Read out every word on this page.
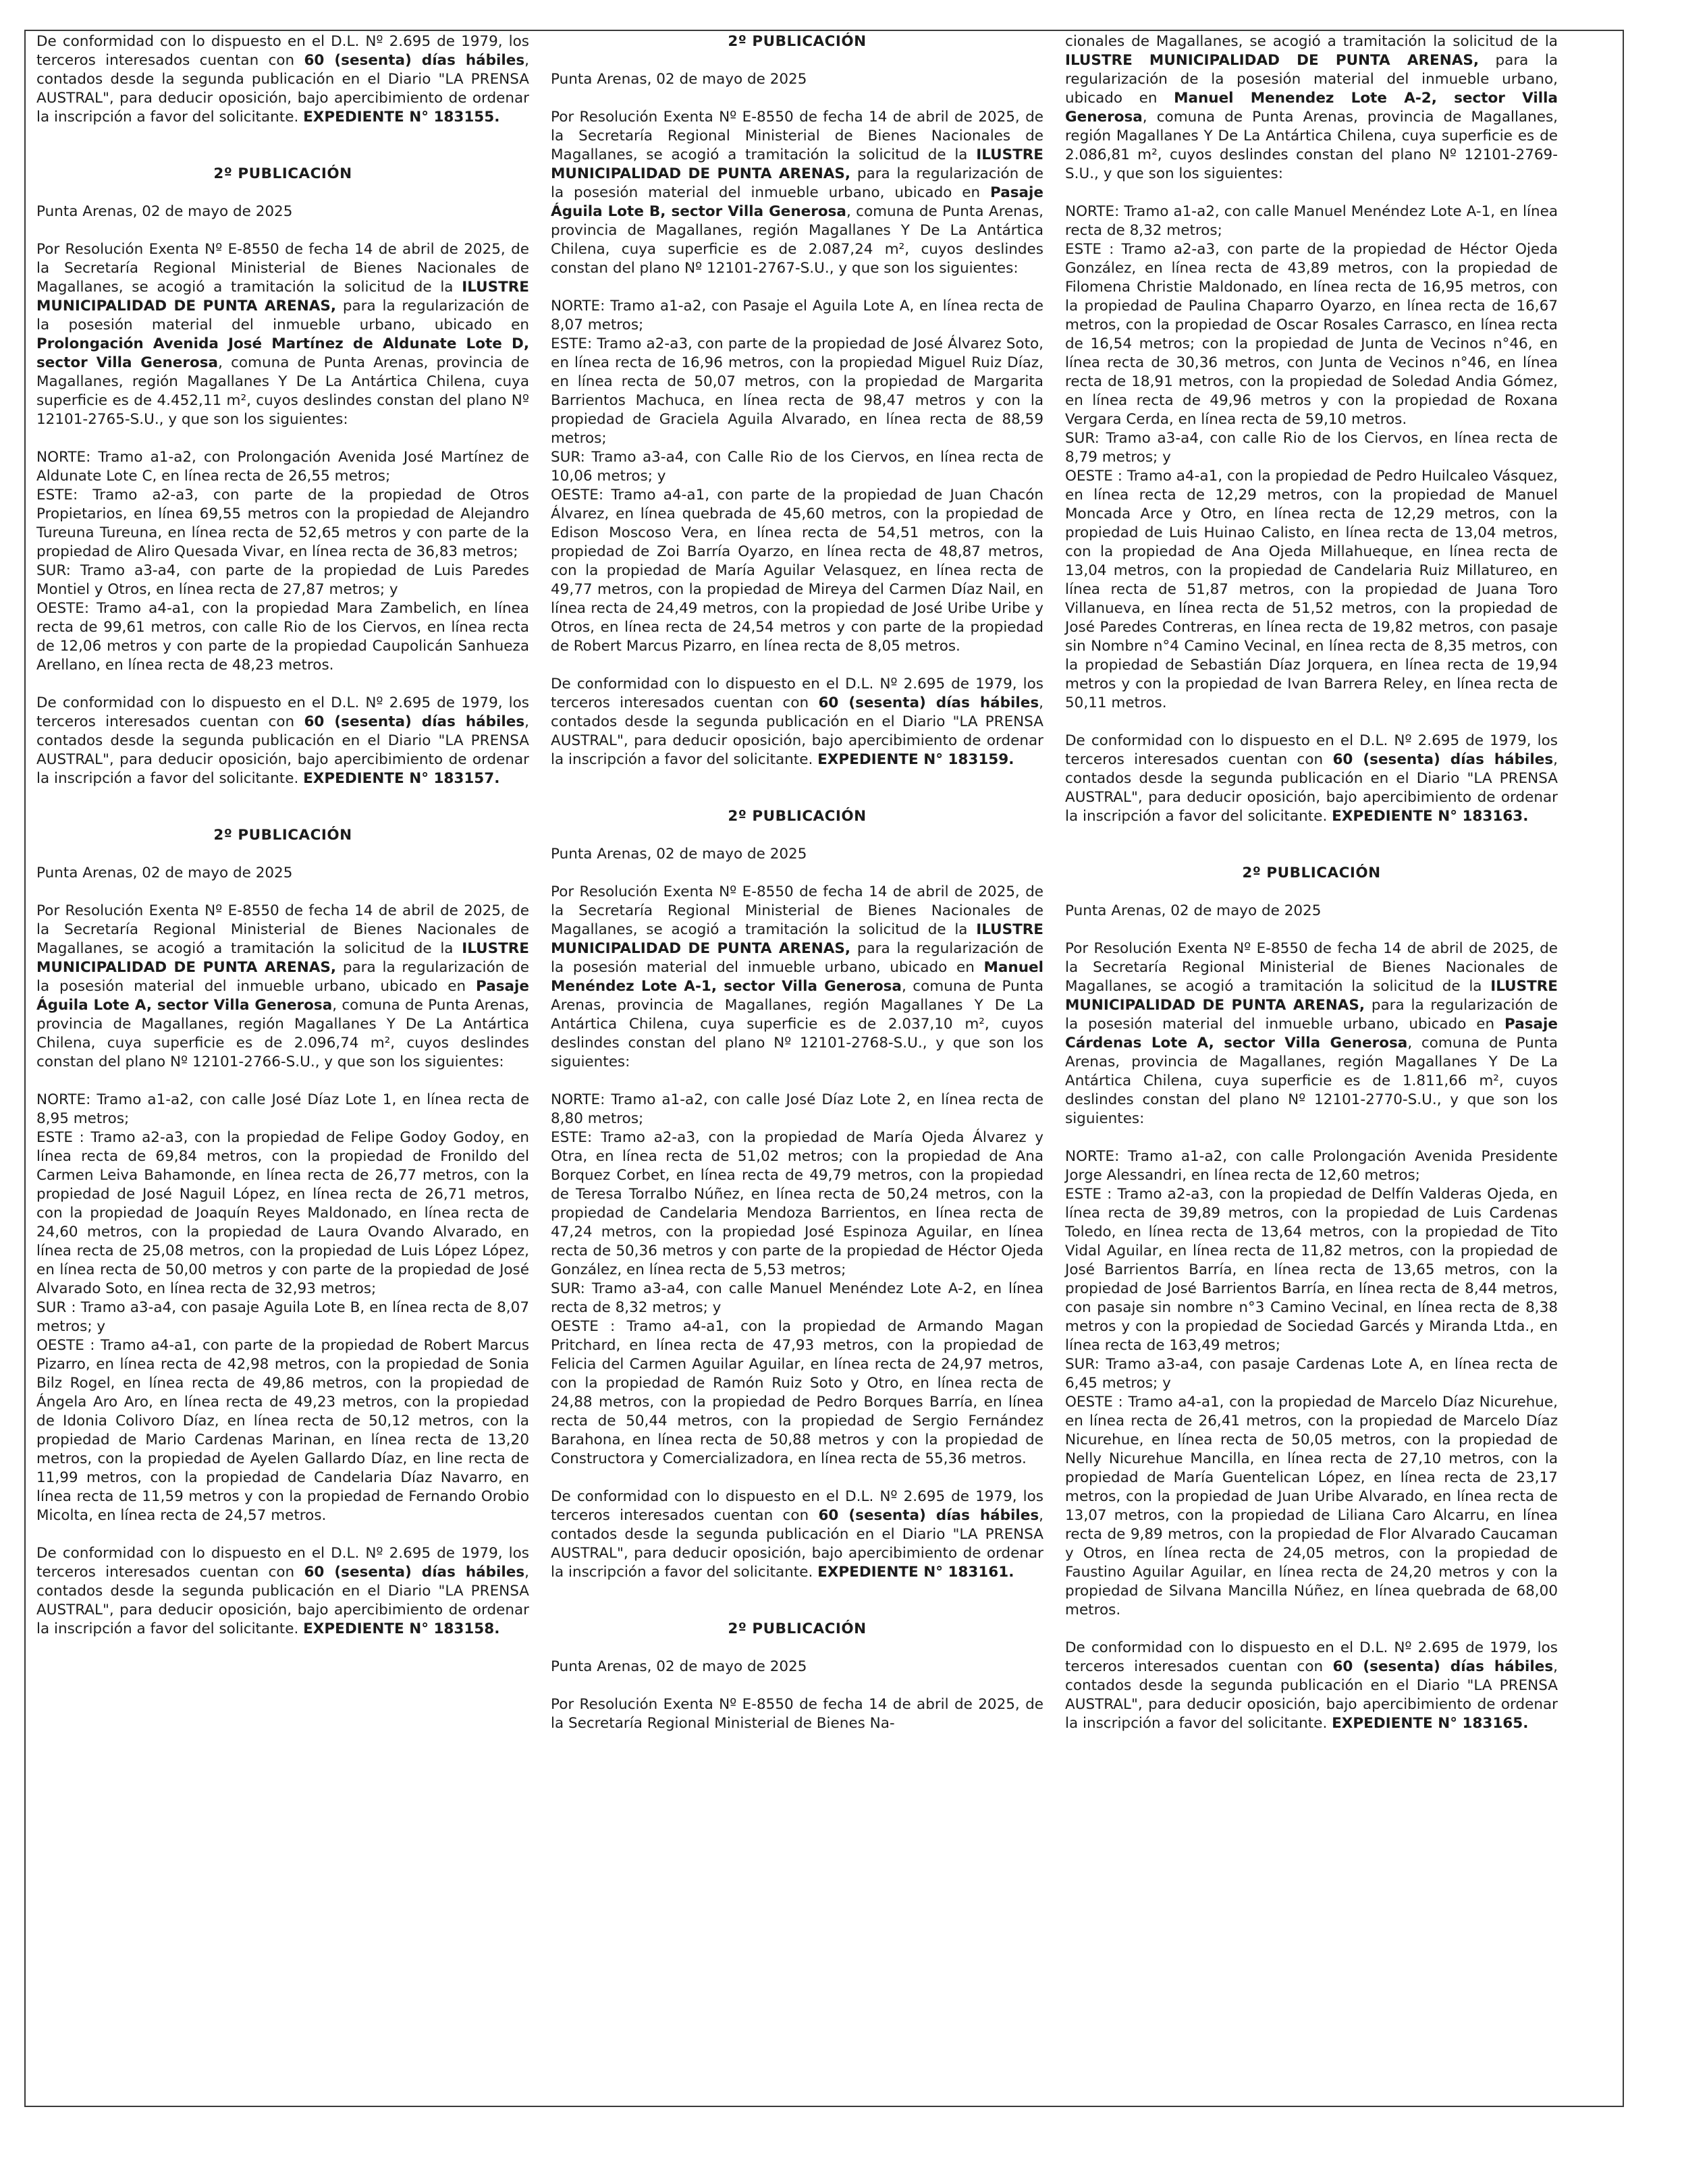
De conformidad con lo dispuesto en el D.L. Nº 2.695 de 1979, los terceros interesados cuentan con 60 (sesenta) días hábiles, contados desde la segunda publicación en el Diario "LA PRENSA AUSTRAL", para deducir oposición, bajo apercibimiento de ordenar la inscripción a favor del solicitante. EXPEDIENTE N° 183155.

2º PUBLICACIÓN

Punta Arenas, 02 de mayo de 2025

Por Resolución Exenta Nº E-8550 de fecha 14 de abril de 2025, de la Secretaría Regional Ministerial de Bienes Nacionales de Magallanes, se acogió a tramitación la solicitud de la ILUSTRE MUNICIPALIDAD DE PUNTA ARENAS, para la regularización de la posesión material del inmueble urbano, ubicado en Prolongación Avenida José Martínez de Aldunate Lote D, sector Villa Generosa, comuna de Punta Arenas, provincia de Magallanes, región Magallanes Y De La Antártica Chilena, cuya superficie es de 4.452,11 m², cuyos deslindes constan del plano Nº 12101-2765-S.U., y que son los siguientes:

NORTE: Tramo a1-a2, con Prolongación Avenida José Martínez de Aldunate Lote C, en línea recta de 26,55 metros;

ESTE: Tramo a2-a3, con parte de la propiedad de Otros Propietarios, en línea 69,55 metros con la propiedad de Alejandro Tureuna Tureuna, en línea recta de 52,65 metros y con parte de la propiedad de Aliro Quesada Vivar, en línea recta de 36,83 metros;

SUR: Tramo a3-a4, con parte de la propiedad de Luis Paredes Montiel y Otros, en línea recta de 27,87 metros; y

OESTE: Tramo a4-a1, con la propiedad Mara Zambelich, en línea recta de 99,61 metros, con calle Rio de los Ciervos, en línea recta de 12,06 metros y con parte de la propiedad Caupolicán Sanhueza Arellano, en línea recta de 48,23 metros.

De conformidad con lo dispuesto en el D.L. Nº 2.695 de 1979, los terceros interesados cuentan con 60 (sesenta) días hábiles, contados desde la segunda publicación en el Diario "LA PRENSA AUSTRAL", para deducir oposición, bajo apercibimiento de ordenar la inscripción a favor del solicitante. EXPEDIENTE N° 183157.

2º PUBLICACIÓN

Punta Arenas, 02 de mayo de 2025

Por Resolución Exenta Nº E-8550 de fecha 14 de abril de 2025, de la Secretaría Regional Ministerial de Bienes Nacionales de Magallanes, se acogió a tramitación la solicitud de la ILUSTRE MUNICIPALIDAD DE PUNTA ARENAS, para la regularización de la posesión material del inmueble urbano, ubicado en Pasaje Águila Lote A, sector Villa Generosa, comuna de Punta Arenas, provincia de Magallanes, región Magallanes Y De La Antártica Chilena, cuya superficie es de 2.096,74 m², cuyos deslindes constan del plano Nº 12101-2766-S.U., y que son los siguientes:

NORTE: Tramo a1-a2, con calle José Díaz Lote 1, en línea recta de 8,95 metros;

ESTE : Tramo a2-a3, con la propiedad de Felipe Godoy Godoy, en línea recta de 69,84 metros, con la propiedad de Fronildo del Carmen Leiva Bahamonde, en línea recta de 26,77 metros, con la propiedad de José Naguil López, en línea recta de 26,71 metros, con la propiedad de Joaquín Reyes Maldonado, en línea recta de 24,60 metros, con la propiedad de Laura Ovando Alvarado, en línea recta de 25,08 metros, con la propiedad de Luis López López, en línea recta de 50,00 metros y con parte de la propiedad de José Alvarado Soto, en línea recta de 32,93 metros;

SUR : Tramo a3-a4, con pasaje Aguila Lote B, en línea recta de 8,07 metros; y

OESTE : Tramo a4-a1, con parte de la propiedad de Robert Marcus Pizarro, en línea recta de 42,98 metros, con la propiedad de Sonia Bilz Rogel, en línea recta de 49,86 metros, con la propiedad de Ángela Aro Aro, en línea recta de 49,23 metros, con la propiedad de Idonia Colivoro Díaz, en línea recta de 50,12 metros, con la propiedad de Mario Cardenas Marinan, en línea recta de 13,20 metros, con la propiedad de Ayelen Gallardo Díaz, en line recta de 11,99 metros, con la propiedad de Candelaria Díaz Navarro, en línea recta de 11,59 metros y con la propiedad de Fernando Orobio Micolta, en línea recta de 24,57 metros.

De conformidad con lo dispuesto en el D.L. Nº 2.695 de 1979, los terceros interesados cuentan con 60 (sesenta) días hábiles, contados desde la segunda publicación en el Diario "LA PRENSA AUSTRAL", para deducir oposición, bajo apercibimiento de ordenar la inscripción a favor del solicitante. EXPEDIENTE N° 183158.

2º PUBLICACIÓN

Punta Arenas, 02 de mayo de 2025

Por Resolución Exenta Nº E-8550 de fecha 14 de abril de 2025, de la Secretaría Regional Ministerial de Bienes Nacionales de Magallanes, se acogió a tramitación la solicitud de la ILUSTRE MUNICIPALIDAD DE PUNTA ARENAS, para la regularización de la posesión material del inmueble urbano, ubicado en Pasaje Águila Lote B, sector Villa Generosa, comuna de Punta Arenas, provincia de Magallanes, región Magallanes Y De La Antártica Chilena, cuya superficie es de 2.087,24 m², cuyos deslindes constan del plano Nº 12101-2767-S.U., y que son los siguientes:

NORTE: Tramo a1-a2, con Pasaje el Aguila Lote A, en línea recta de 8,07 metros;

ESTE: Tramo a2-a3, con parte de la propiedad de José Álvarez Soto, en línea recta de 16,96 metros, con la propiedad Miguel Ruiz Díaz, en línea recta de 50,07 metros, con la propiedad de Margarita Barrientos Machuca, en línea recta de 98,47 metros y con la propiedad de Graciela Aguila Alvarado, en línea recta de 88,59 metros;

SUR: Tramo a3-a4, con Calle Rio de los Ciervos, en línea recta de 10,06 metros; y

OESTE: Tramo a4-a1, con parte de la propiedad de Juan Chacón Álvarez, en línea quebrada de 45,60 metros, con la propiedad de Edison Moscoso Vera, en línea recta de 54,51 metros, con la propiedad de Zoi Barría Oyarzo, en línea recta de 48,87 metros, con la propiedad de María Aguilar Velasquez, en línea recta de 49,77 metros, con la propiedad de Mireya del Carmen Díaz Nail, en línea recta de 24,49 metros, con la propiedad de José Uribe Uribe y Otros, en línea recta de 24,54 metros y con parte de la propiedad de Robert Marcus Pizarro, en línea recta de 8,05 metros.

De conformidad con lo dispuesto en el D.L. Nº 2.695 de 1979, los terceros interesados cuentan con 60 (sesenta) días hábiles, contados desde la segunda publicación en el Diario "LA PRENSA AUSTRAL", para deducir oposición, bajo apercibimiento de ordenar la inscripción a favor del solicitante. EXPEDIENTE N° 183159.

2º PUBLICACIÓN

Punta Arenas, 02 de mayo de 2025

Por Resolución Exenta Nº E-8550 de fecha 14 de abril de 2025, de la Secretaría Regional Ministerial de Bienes Nacionales de Magallanes, se acogió a tramitación la solicitud de la ILUSTRE MUNICIPALIDAD DE PUNTA ARENAS, para la regularización de la posesión material del inmueble urbano, ubicado en Manuel Menéndez Lote A-1, sector Villa Generosa, comuna de Punta Arenas, provincia de Magallanes, región Magallanes Y De La Antártica Chilena, cuya superficie es de 2.037,10 m², cuyos deslindes constan del plano Nº 12101-2768-S.U., y que son los siguientes:

NORTE: Tramo a1-a2, con calle José Díaz Lote 2, en línea recta de 8,80 metros;

ESTE: Tramo a2-a3, con la propiedad de María Ojeda Álvarez y Otra, en línea recta de 51,02 metros; con la propiedad de Ana Borquez Corbet, en línea recta de 49,79 metros, con la propiedad de Teresa Torralbo Núñez, en línea recta de 50,24 metros, con la propiedad de Candelaria Mendoza Barrientos, en línea recta de 47,24 metros, con la propiedad José Espinoza Aguilar, en línea recta de 50,36 metros y con parte de la propiedad de Héctor Ojeda González, en línea recta de 5,53 metros;

SUR: Tramo a3-a4, con calle Manuel Menéndez Lote A-2, en línea recta de 8,32 metros; y

OESTE : Tramo a4-a1, con la propiedad de Armando Magan Pritchard, en línea recta de 47,93 metros, con la propiedad de Felicia del Carmen Aguilar Aguilar, en línea recta de 24,97 metros, con la propiedad de Ramón Ruiz Soto y Otro, en línea recta de 24,88 metros, con la propiedad de Pedro Borques Barría, en línea recta de 50,44 metros, con la propiedad de Sergio Fernández Barahona, en línea recta de 50,88 metros y con la propiedad de Constructora y Comercializadora, en línea recta de 55,36 metros.

De conformidad con lo dispuesto en el D.L. Nº 2.695 de 1979, los terceros interesados cuentan con 60 (sesenta) días hábiles, contados desde la segunda publicación en el Diario "LA PRENSA AUSTRAL", para deducir oposición, bajo apercibimiento de ordenar la inscripción a favor del solicitante. EXPEDIENTE N° 183161.

2º PUBLICACIÓN

Punta Arenas, 02 de mayo de 2025

Por Resolución Exenta Nº E-8550 de fecha 14 de abril de 2025, de la Secretaría Regional Ministerial de Bienes Na-

cionales de Magallanes, se acogió a tramitación la solicitud de la ILUSTRE MUNICIPALIDAD DE PUNTA ARENAS, para la regularización de la posesión material del inmueble urbano, ubicado en Manuel Menendez Lote A-2, sector Villa Generosa, comuna de Punta Arenas, provincia de Magallanes, región Magallanes Y De La Antártica Chilena, cuya superficie es de 2.086,81 m², cuyos deslindes constan del plano Nº 12101-2769-S.U., y que son los siguientes:

NORTE: Tramo a1-a2, con calle Manuel Menéndez Lote A-1, en línea recta de 8,32 metros;

ESTE : Tramo a2-a3, con parte de la propiedad de Héctor Ojeda González, en línea recta de 43,89 metros, con la propiedad de Filomena Christie Maldonado, en línea recta de 16,95 metros, con la propiedad de Paulina Chaparro Oyarzo, en línea recta de 16,67 metros, con la propiedad de Oscar Rosales Carrasco, en línea recta de 16,54 metros; con la propiedad de Junta de Vecinos n°46, en línea recta de 30,36 metros, con Junta de Vecinos n°46, en línea recta de 18,91 metros, con la propiedad de Soledad Andia Gómez, en línea recta de 49,96 metros y con la propiedad de Roxana Vergara Cerda, en línea recta de 59,10 metros.

SUR: Tramo a3-a4, con calle Rio de los Ciervos, en línea recta de 8,79 metros; y

OESTE : Tramo a4-a1, con la propiedad de Pedro Huilcaleo Vásquez, en línea recta de 12,29 metros, con la propiedad de Manuel Moncada Arce y Otro, en línea recta de 12,29 metros, con la propiedad de Luis Huinao Calisto, en línea recta de 13,04 metros, con la propiedad de Ana Ojeda Millahueque, en línea recta de 13,04 metros, con la propiedad de Candelaria Ruiz Millatureo, en línea recta de 51,87 metros, con la propiedad de Juana Toro Villanueva, en línea recta de 51,52 metros, con la propiedad de José Paredes Contreras, en línea recta de 19,82 metros, con pasaje sin Nombre n°4 Camino Vecinal, en línea recta de 8,35 metros, con la propiedad de Sebastián Díaz Jorquera, en línea recta de 19,94 metros y con la propiedad de Ivan Barrera Reley, en línea recta de 50,11 metros.

De conformidad con lo dispuesto en el D.L. Nº 2.695 de 1979, los terceros interesados cuentan con 60 (sesenta) días hábiles, contados desde la segunda publicación en el Diario "LA PRENSA AUSTRAL", para deducir oposición, bajo apercibimiento de ordenar la inscripción a favor del solicitante. EXPEDIENTE N° 183163.

2º PUBLICACIÓN

Punta Arenas, 02 de mayo de 2025

Por Resolución Exenta Nº E-8550 de fecha 14 de abril de 2025, de la Secretaría Regional Ministerial de Bienes Nacionales de Magallanes, se acogió a tramitación la solicitud de la ILUSTRE MUNICIPALIDAD DE PUNTA ARENAS, para la regularización de la posesión material del inmueble urbano, ubicado en Pasaje Cárdenas Lote A, sector Villa Generosa, comuna de Punta Arenas, provincia de Magallanes, región Magallanes Y De La Antártica Chilena, cuya superficie es de 1.811,66 m², cuyos deslindes constan del plano Nº 12101-2770-S.U., y que son los siguientes:

NORTE: Tramo a1-a2, con calle Prolongación Avenida Presidente Jorge Alessandri, en línea recta de 12,60 metros;

ESTE : Tramo a2-a3, con la propiedad de Delfín Valderas Ojeda, en línea recta de 39,89 metros, con la propiedad de Luis Cardenas Toledo, en línea recta de 13,64 metros, con la propiedad de Tito Vidal Aguilar, en línea recta de 11,82 metros, con la propiedad de José Barrientos Barría, en línea recta de 13,65 metros, con la propiedad de José Barrientos Barría, en línea recta de 8,44 metros, con pasaje sin nombre n°3 Camino Vecinal, en línea recta de 8,38 metros y con la propiedad de Sociedad Garcés y Miranda Ltda., en línea recta de 163,49 metros;

SUR: Tramo a3-a4, con pasaje Cardenas Lote A, en línea recta de 6,45 metros; y

OESTE : Tramo a4-a1, con la propiedad de Marcelo Díaz Nicurehue, en línea recta de 26,41 metros, con la propiedad de Marcelo Díaz Nicurehue, en línea recta de 50,05 metros, con la propiedad de Nelly Nicurehue Mancilla, en línea recta de 27,10 metros, con la propiedad de María Guentelican López, en línea recta de 23,17 metros, con la propiedad de Juan Uribe Alvarado, en línea recta de 13,07 metros, con la propiedad de Liliana Caro Alcarru, en línea recta de 9,89 metros, con la propiedad de Flor Alvarado Caucaman y Otros, en línea recta de 24,05 metros, con la propiedad de Faustino Aguilar Aguilar, en línea recta de 24,20 metros y con la propiedad de Silvana Mancilla Núñez, en línea quebrada de 68,00 metros.

De conformidad con lo dispuesto en el D.L. Nº 2.695 de 1979, los terceros interesados cuentan con 60 (sesenta) días hábiles, contados desde la segunda publicación en el Diario "LA PRENSA AUSTRAL", para deducir oposición, bajo apercibimiento de ordenar la inscripción a favor del solicitante. EXPEDIENTE N° 183165.
